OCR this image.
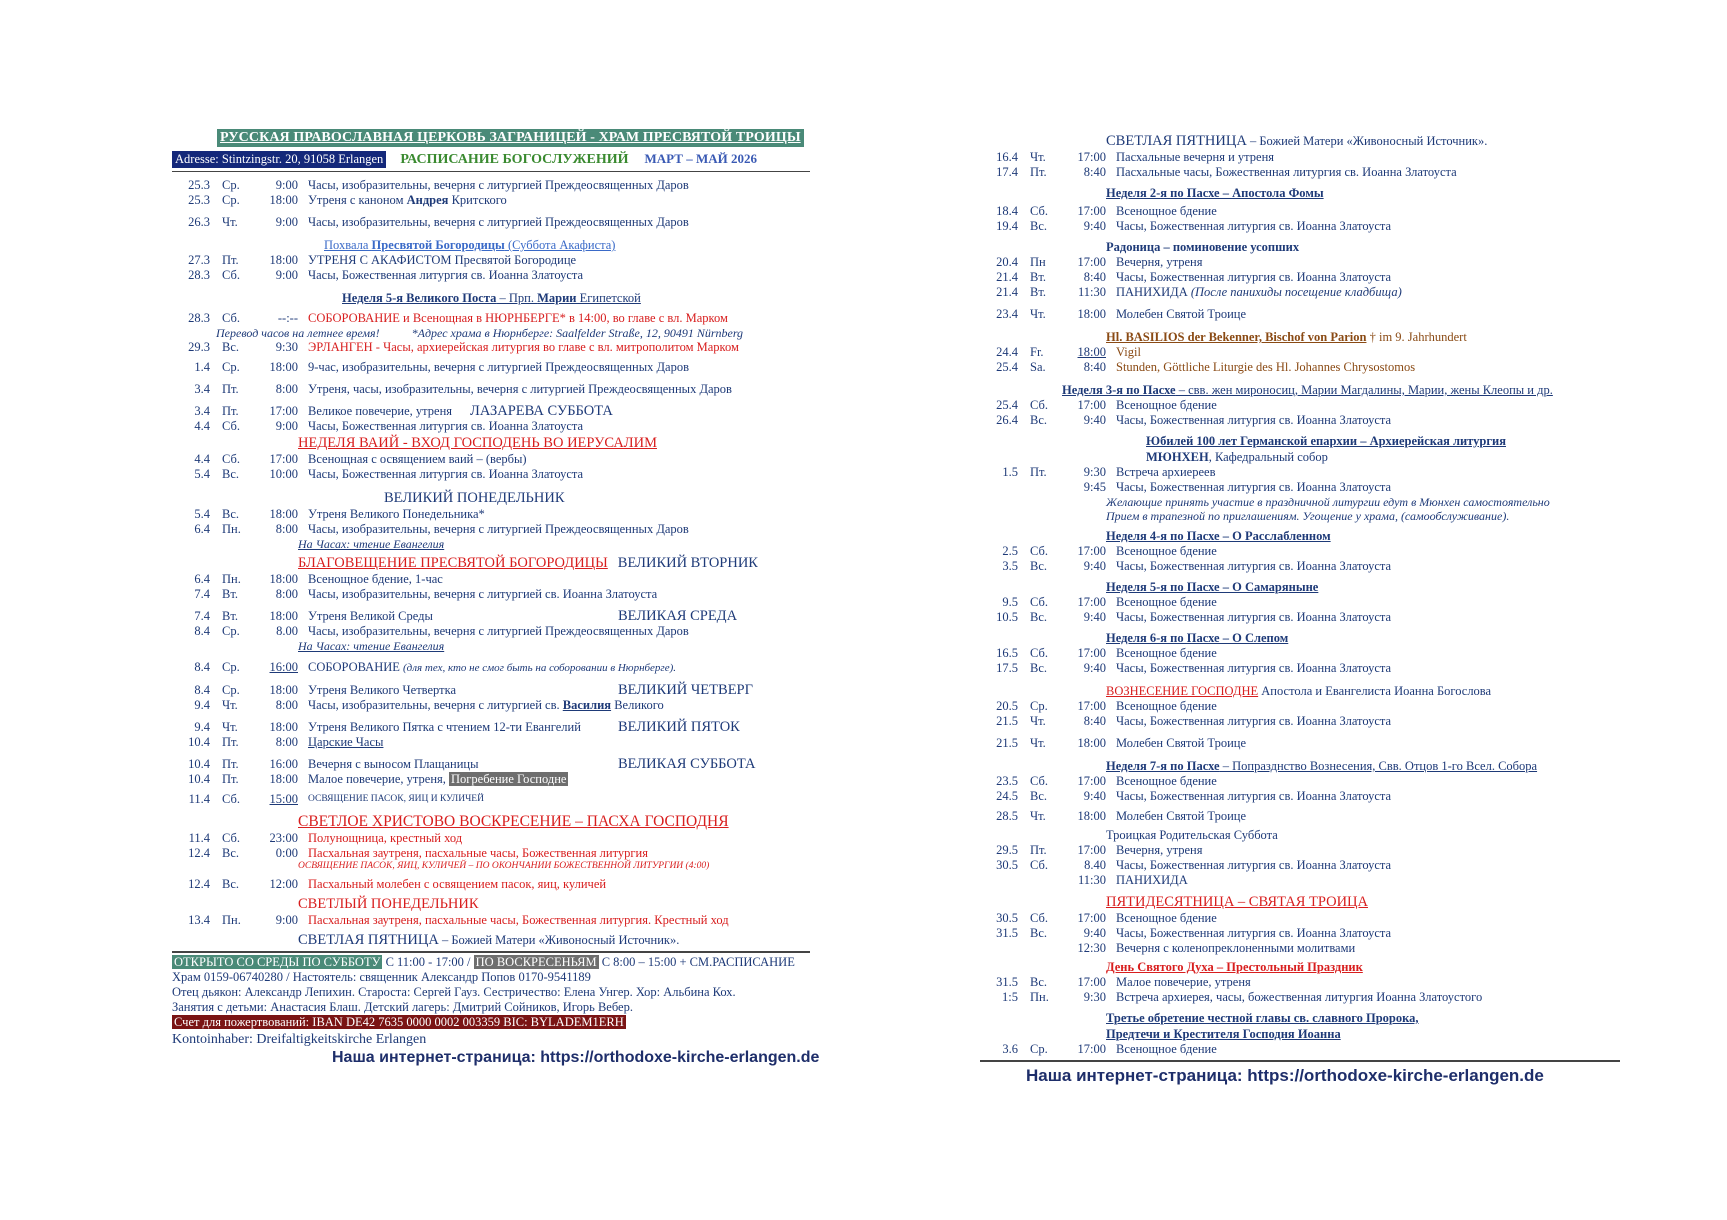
РУССКАЯ ПРАВОСЛАВНАЯ ЦЕРКОВЬ ЗАГРАНИЦЕЙ - ХРАМ ПРЕСВЯТОЙ ТРОИЦЫ
Adresse: Stintzingstr. 20, 91058 Erlangen РАСПИСАНИЕ БОГОСЛУЖЕНИЙ МАРТ – МАЙ 2026
25.3 Ср.	9:00 Часы, изобразительны, вечерня с литургией Преждеосвященных Даров
25.3 Ср.	18:00 Утреня с каноном Андрея Критского
26.3 Чт.	9:00 Часы, изобразительны, вечерня с литургией Преждеосвященных Даров
Похвала Пресвятой Богородицы (Суббота Акафиста)
27.3 Пт.	18:00 УТРЕНЯ С АКАФИСТОМ Пресвятой Богородице
28.3 Сб.	9:00 Часы, Божественная литургия св. Иоанна Златоуста
Неделя 5-я Великого Поста – Прп. Марии Египетской
28.3 Сб.	--:-- СОБОРОВАНИЕ и Всенощная в НЮРНБЕРГЕ* в 14:00, во главе с вл. Марком
Перевод часов на летнее время!	*Адрес храма в Нюрнберге: Saalfelder Straße, 12, 90491 Nürnberg
29.3 Вс.	9:30 ЭРЛАНГЕН - Часы, архиерейская литургия во главе с вл. митрополитом Марком
1.4 Ср.	18:00 9-час, изобразительны, вечерня с литургией Преждеосвященных Даров
3.4 Пт.	8:00 Утреня, часы, изобразительны, вечерня с литургией Преждеосвященных Даров
3.4 Пт.	17:00 Великое повечерие, утреня ЛАЗАРЕВА СУББОТА
4.4 Сб.	9:00 Часы, Божественная литургия св. Иоанна Златоуста
НЕДЕЛЯ ВАИЙ - ВХОД ГОСПОДЕНЬ ВО ИЕРУСАЛИМ
4.4 Сб.	17:00 Всенощная с освящением ваий – (вербы)
5.4 Вс.	10:00 Часы, Божественная литургия св. Иоанна Златоуста
ВЕЛИКИЙ ПОНЕДЕЛЬНИК
5.4 Вс.	18:00 Утреня Великого Понедельника*
6.4 Пн.	8:00 Часы, изобразительны, вечерня с литургией Преждеосвященных Даров
На Часах: чтение Евангелия
БЛАГОВЕЩЕНИЕ ПРЕСВЯТОЙ БОГОРОДИЦЫ ВЕЛИКИЙ ВТОРНИК
6.4 Пн.	18:00 Всенощное бдение, 1-час
7.4 Вт.	8:00 Часы, изобразительны, вечерня с литургией св. Иоанна Златоуста
7.4 Вт.	18:00 Утреня Великой Среды	ВЕЛИКАЯ СРЕДА
8.4 Ср.	8.00 Часы, изобразительны, вечерня с литургией Преждеосвященных Даров
На Часах: чтение Евангелия
8.4 Ср.	16:00 СОБОРОВАНИЕ (для тех, кто не смог быть на соборовании в Нюрнберге).
8.4 Ср.	18:00 Утреня Великого Четвертка	ВЕЛИКИЙ ЧЕТВЕРГ
9.4 Чт.	8:00 Часы, изобразительны, вечерня с литургией св. Василия Великого
9.4 Чт.	18:00 Утреня Великого Пятка с чтением 12-ти Евангелий	ВЕЛИКИЙ ПЯТОК
10.4 Пт.	8:00 Царские Часы
10.4 Пт.	16:00 Вечерня с выносом Плащаницы	ВЕЛИКАЯ СУББОТА
10.4 Пт.	18:00 Малое повечерие, утреня, Погребение Господне
11.4 Сб.	15:00 ОСВЯЩЕНИЕ ПАСОК, ЯИЦ И КУЛИЧЕЙ
СВЕТЛОЕ ХРИСТОВО ВОСКРЕСЕНИЕ – ПАСХА ГОСПОДНЯ
11.4 Сб.	23:00 Полунощница, крестный ход
12.4 Вс.	0:00 Пасхальная заутреня, пасхальные часы, Божественная литургия
ОСВЯЩЕНИЕ ПАСОК, ЯИЦ, КУЛИЧЕЙ – ПО ОКОНЧАНИИ БОЖЕСТВЕННОЙ ЛИТУРГИИ (4:00)
12.4 Вс.	12:00 Пасхальный молебен с освящением пасок, яиц, куличей
СВЕТЛЫЙ ПОНЕДЕЛЬНИК
13.4 Пн.	9:00 Пасхальная заутреня, пасхальные часы, Божественная литургия. Крестный ход
СВЕТЛАЯ ПЯТНИЦА – Божией Матери «Живоносный Источник».
ОТКРЫТО СО СРЕДЫ ПО СУББОТУ С 11:00 - 17:00 / ПО ВОСКРЕСЕНЬЯМ С 8:00 – 15:00 + СМ.РАСПИСАНИЕ
Храм 0159-06740280 / Настоятель: священник Александр Попов 0170-9541189
Отец дьякон: Александр Лепихин. Староста: Сергей Гауз. Сестричество: Елена Унгер. Хор: Альбина Кох.
Занятия с детьми: Анастасия Блаш. Детский лагерь: Дмитрий Сойников, Игорь Вебер.
Счет для пожертвований: IBAN DE42 7635 0000 0002 003359 BIC: BYLADEM1ERH
Kontoinhaber: Dreifaltigkeitskirche Erlangen
Наша интернет-страница: https://orthodoxe-kirche-erlangen.de
СВЕТЛАЯ ПЯТНИЦА – Божией Матери «Живоносный Источник».
16.4 Чт.	17:00 Пасхальные вечерня и утреня
17.4 Пт.	8:40 Пасхальные часы, Божественная литургия св. Иоанна Златоуста
Неделя 2-я по Пасхе – Апостола Фомы
18.4 Сб.	17:00 Всенощное бдение
19.4 Вс.	9:40 Часы, Божественная литургия св. Иоанна Златоуста
Радоница – поминовение усопших
20.4 Пн	17:00 Вечерня, утреня
21.4 Вт.	8:40 Часы, Божественная литургия св. Иоанна Златоуста
21.4 Вт.	11:30 ПАНИХИДА (После панихиды посещение кладбища)
23.4 Чт.	18:00 Молебен Святой Троице
Hl. BASILIOS der Bekenner, Bischof von Parion † im 9. Jahrhundert
24.4 Fr.	18:00 Vigil
25.4 Sa.	8:40 Stunden, Göttliche Liturgie des Hl. Johannes Chrysostomos
Неделя 3-я по Пасхе – свв. жен мироносиц, Марии Магдалины, Марии, жены Клеопы и др.
25.4 Сб.	17:00 Всенощное бдение
26.4 Вс.	9:40 Часы, Божественная литургия св. Иоанна Златоуста
Юбилей 100 лет Германской епархии – Архиерейская литургия
МЮНХЕН, Кафедральный собор
1.5 Пт.	9:30 Встреча архиереев
9:45 Часы, Божественная литургия св. Иоанна Златоуста
Желающие принять участие в праздничной литургии едут в Мюнхен самостоятельно
Прием в трапезной по приглашениям. Угощение у храма, (самообслуживание).
Неделя 4-я по Пасхе – О Расслабленном
2.5 Сб.	17:00 Всенощное бдение
3.5 Вс.	9:40 Часы, Божественная литургия св. Иоанна Златоуста
Неделя 5-я по Пасхе – О Самаряныне
9.5 Сб.	17:00 Всенощное бдение
10.5 Вс.	9:40 Часы, Божественная литургия св. Иоанна Златоуста
Неделя 6-я по Пасхе – О Слепом
16.5 Сб.	17:00 Всенощное бдение
17.5 Вс.	9:40 Часы, Божественная литургия св. Иоанна Златоуста
ВОЗНЕСЕНИЕ ГОСПОДНЕ Апостола и Евангелиста Иоанна Богослова
20.5 Ср.	17:00 Всенощное бдение
21.5 Чт.	8:40 Часы, Божественная литургия св. Иоанна Златоуста
21.5 Чт.	18:00 Молебен Святой Троице
Неделя 7-я по Пасхе – Попразднство Вознесения, Свв. Отцов 1-го Всел. Собора
23.5 Сб.	17:00 Всенощное бдение
24.5 Вс.	9:40 Часы, Божественная литургия св. Иоанна Златоуста
28.5 Чт.	18:00 Молебен Святой Троице
Троицкая Родительская Суббота
29.5 Пт.	17:00 Вечерня, утреня
30.5 Сб.	8.40 Часы, Божественная литургия св. Иоанна Златоуста
11:30 ПАНИХИДА
ПЯТИДЕСЯТНИЦА – СВЯТАЯ ТРОИЦА
30.5 Сб.	17:00 Всенощное бдение
31.5 Вс.	9:40 Часы, Божественная литургия св. Иоанна Златоуста
12:30 Вечерня с коленопреклоненными молитвами
День Святого Духа – Престольный Праздник
31.5 Вс.	17:00 Малое повечерие, утреня
1:5 Пн.	9:30 Встреча архиерея, часы, божественная литургия Иоанна Златоустого
Третье обретение честной главы св. славного Пророка,
Предтечи и Крестителя Господня Иоанна
3.6 Ср.	17:00 Всенощное бдение
Наша интернет-страница: https://orthodoxe-kirche-erlangen.de
